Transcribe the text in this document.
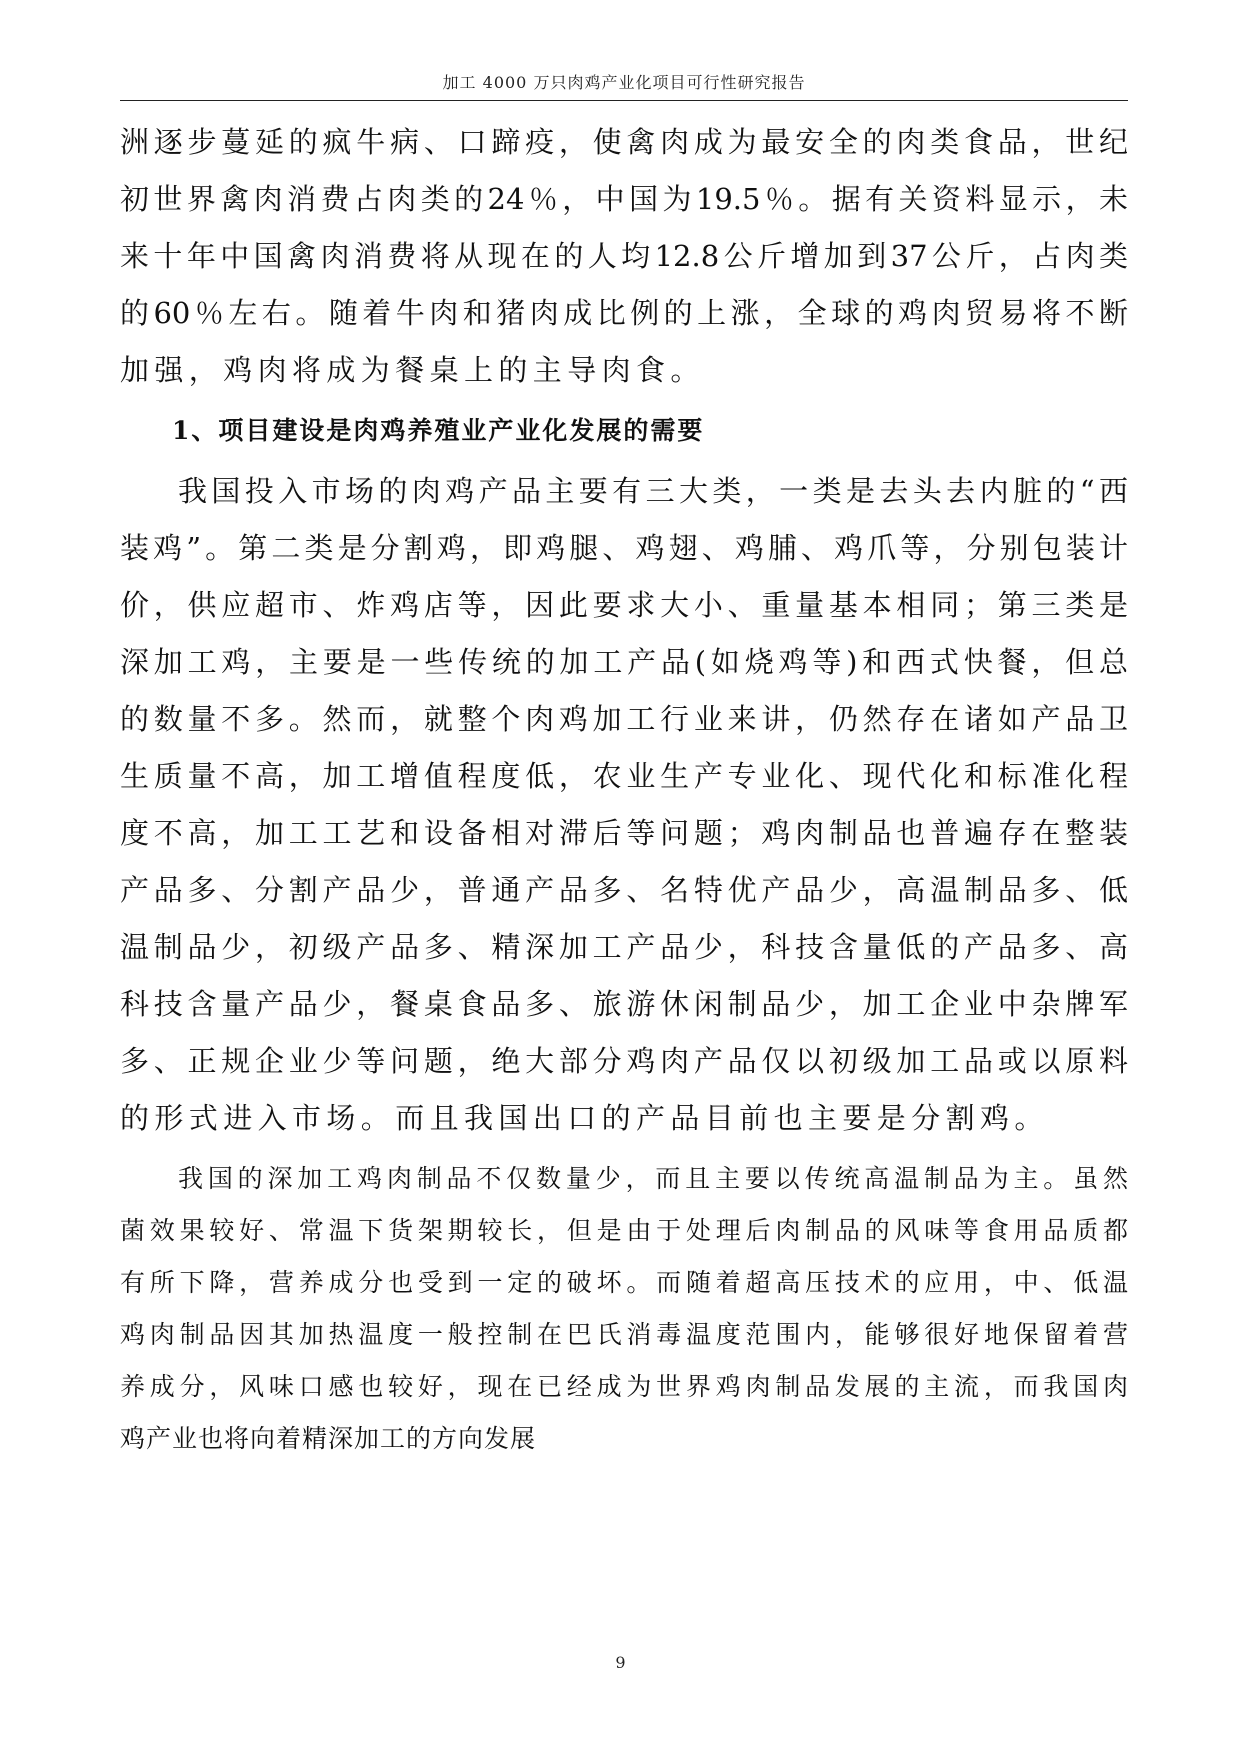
加工 4000 万只肉鸡产业化项目可行性研究报告
洲逐步蔓延的疯牛病、口蹄疫，使禽肉成为最安全的肉类食品，世纪
初世界禽肉消费占肉类的24％，中国为19.5％。据有关资料显示，未
来十年中国禽肉消费将从现在的人均12.8公斤增加到37公斤，占肉类
的60％左右。随着牛肉和猪肉成比例的上涨，全球的鸡肉贸易将不断
加强，鸡肉将成为餐桌上的主导肉食。
1、项目建设是肉鸡养殖业产业化发展的需要
我国投入市场的肉鸡产品主要有三大类，一类是去头去内脏的“西
装鸡”。第二类是分割鸡，即鸡腿、鸡翅、鸡脯、鸡爪等，分别包装计
价，供应超市、炸鸡店等，因此要求大小、重量基本相同；第三类是
深加工鸡，主要是一些传统的加工产品(如烧鸡等)和西式快餐，但总
的数量不多。然而，就整个肉鸡加工行业来讲，仍然存在诸如产品卫
生质量不高，加工增值程度低，农业生产专业化、现代化和标准化程
度不高，加工工艺和设备相对滞后等问题；鸡肉制品也普遍存在整装
产品多、分割产品少，普通产品多、名特优产品少，高温制品多、低
温制品少，初级产品多、精深加工产品少，科技含量低的产品多、高
科技含量产品少，餐桌食品多、旅游休闲制品少，加工企业中杂牌军
多、正规企业少等问题，绝大部分鸡肉产品仅以初级加工品或以原料
的形式进入市场。而且我国出口的产品目前也主要是分割鸡。
我国的深加工鸡肉制品不仅数量少，而且主要以传统高温制品为主。虽然
菌效果较好、常温下货架期较长，但是由于处理后肉制品的风味等食用品质都
有所下降，营养成分也受到一定的破坏。而随着超高压技术的应用，中、低温
鸡肉制品因其加热温度一般控制在巴氏消毒温度范围内，能够很好地保留着营
养成分，风味口感也较好，现在已经成为世界鸡肉制品发展的主流，而我国肉
鸡产业也将向着精深加工的方向发展
9
